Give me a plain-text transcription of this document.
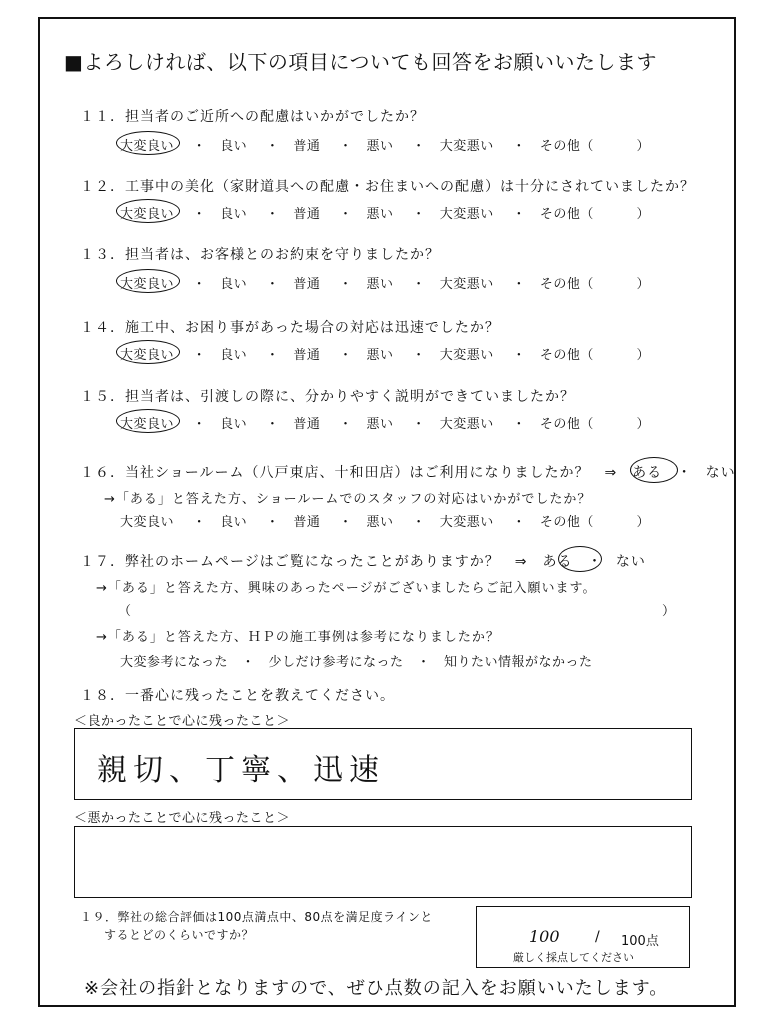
■よろしければ、以下の項目についても回答をお願いいたします
１１．担当者のご近所への配慮はいかがでしたか？
大変良い ・ 良い ・ 普通 ・ 悪い ・ 大変悪い ・ その他（	）
１２．工事中の美化（家財道具への配慮・お住まいへの配慮）は十分にされていましたか？
大変良い ・ 良い ・ 普通 ・ 悪い ・ 大変悪い ・ その他（	）
１３．担当者は、お客様とのお約束を守りましたか？
大変良い ・ 良い ・ 普通 ・ 悪い ・ 大変悪い ・ その他（	）
１４．施工中、お困り事があった場合の対応は迅速でしたか？
大変良い ・ 良い ・ 普通 ・ 悪い ・ 大変悪い ・ その他（	）
１５．担当者は、引渡しの際に、分かりやすく説明ができていましたか？
大変良い ・ 良い ・ 普通 ・ 悪い ・ 大変悪い ・ その他（	）
１６．当社ショールーム（八戸東店、十和田店）はご利用になりましたか？　⇒　ある　・ ない
→「ある」と答えた方、ショールームでのスタッフの対応はいかがでしたか？
大変良い ・ 良い ・ 普通 ・ 悪い ・ 大変悪い ・ その他（	）
１７．弊社のホームページはご覧になったことがありますか？　⇒　ある　・ ない
→「ある」と答えた方、興味のあったページがございましたらご記入願います。
（	）
→「ある」と答えた方、ＨＰの施工事例は参考になりましたか？
大変参考になった　・　少しだけ参考になった　・　知りたい情報がなかった
１８．一番心に残ったことを教えてください。
＜良かったことで心に残ったこと＞
親切、丁寧、迅速
＜悪かったことで心に残ったこと＞
１９．弊社の総合評価は100点満点中、80点を満足度ラインと
するとどのくらいですか？	100	/ 100点
厳しく採点してください
※会社の指針となりますので、ぜひ点数の記入をお願いいたします。
